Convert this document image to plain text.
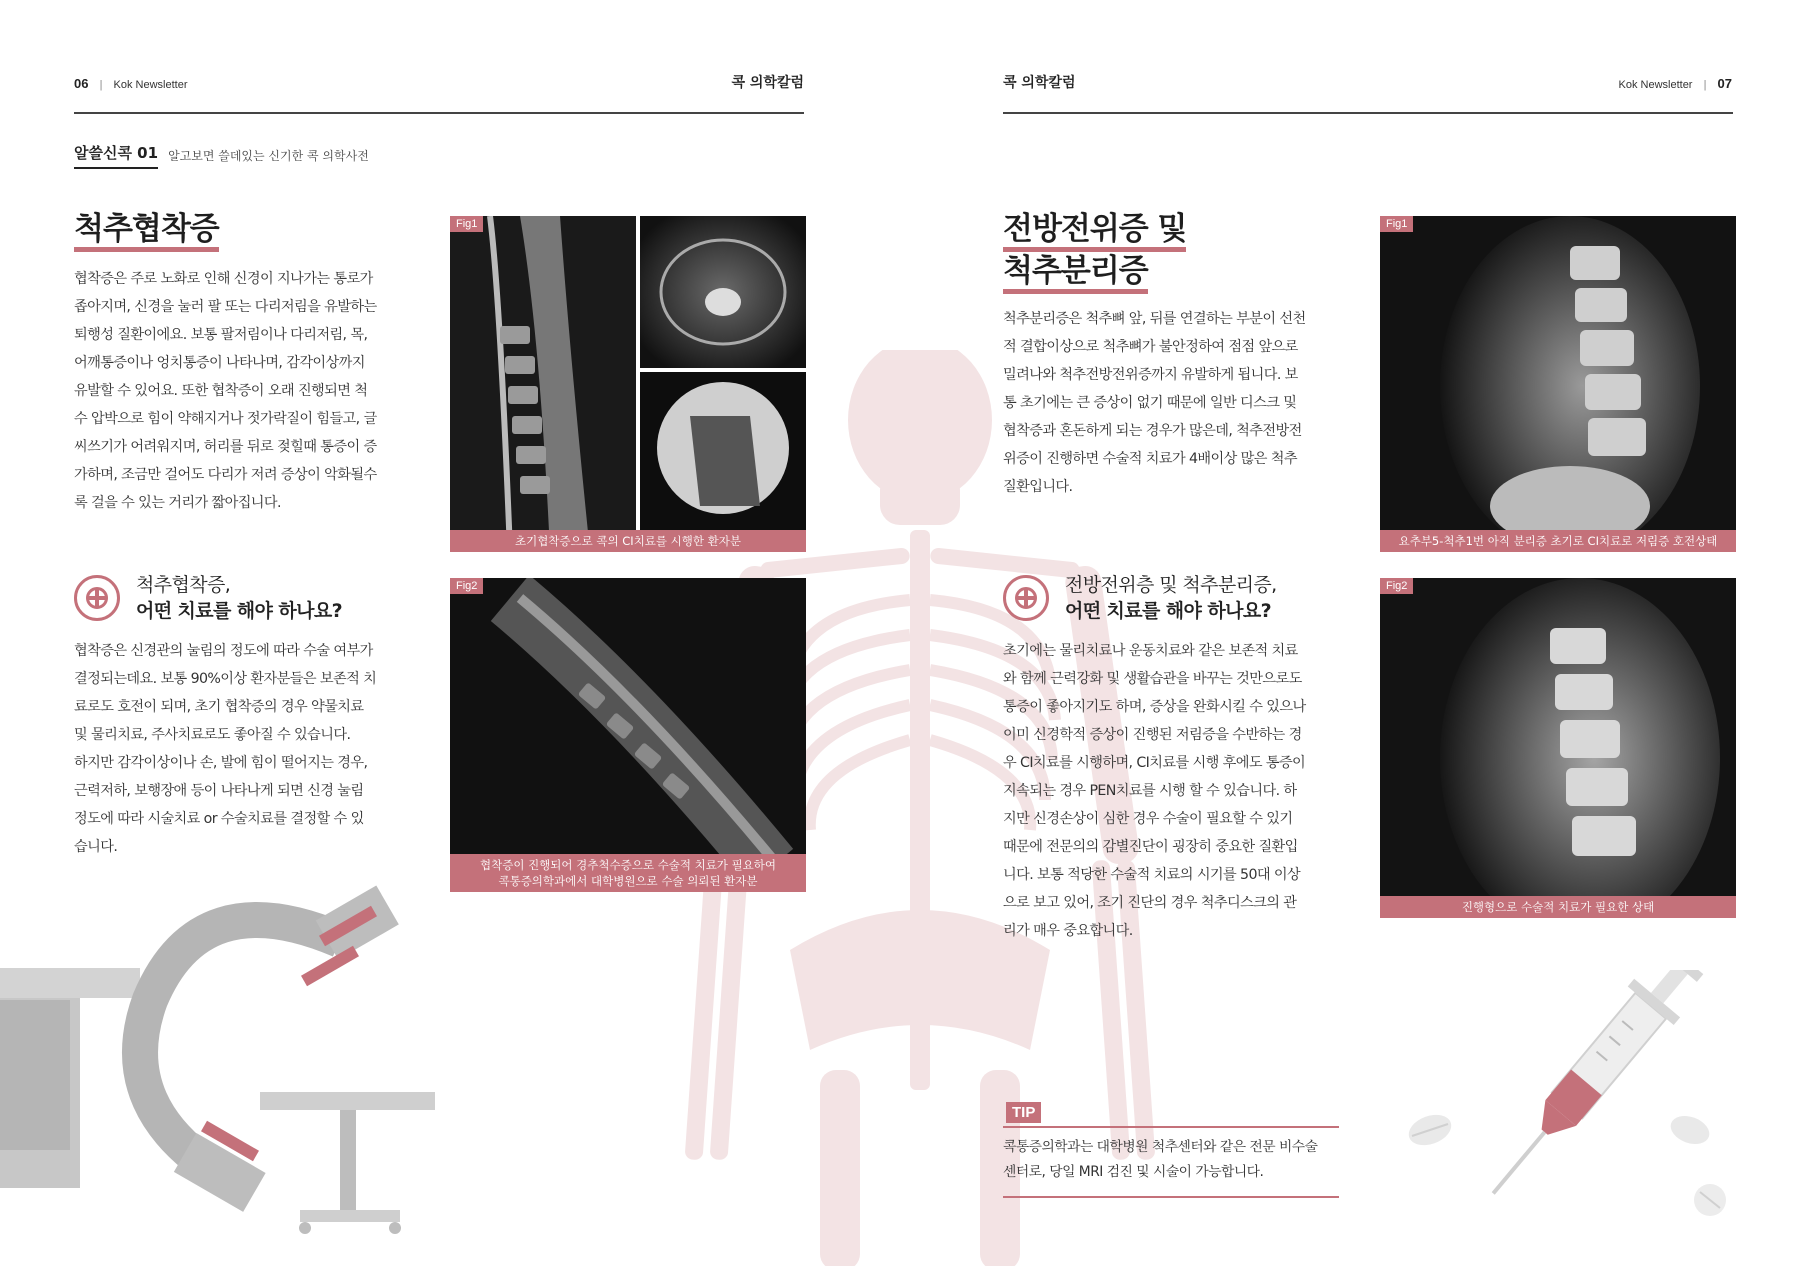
06 | Kok Newsletter	콕 의학칼럼
알쓸신콕 01 알고보면 쓸데있는 신기한 콕 의학사전
척추협착증
협착증은 주로 노화로 인해 신경이 지나가는 통로가
좁아지며, 신경을 눌러 팔 또는 다리저림을 유발하는
퇴행성 질환이에요. 보통 팔저림이나 다리저림, 목,
어깨통증이나 엉치통증이 나타나며, 감각이상까지
유발할 수 있어요. 또한 협착증이 오래 진행되면 척
수 압박으로 힘이 약해지거나 젓가락질이 힘들고, 글
씨쓰기가 어려워지며, 허리를 뒤로 젖힐때 통증이 증
가하며, 조금만 걸어도 다리가 저려 증상이 악화될수
록 걸을 수 있는 거리가 짧아집니다.
척추협착증,
어떤 치료를 해야 하나요?
협착증은 신경관의 눌림의 정도에 따라 수술 여부가
결정되는데요. 보통 90%이상 환자분들은 보존적 치
료로도 호전이 되며, 초기 협착증의 경우 약물치료
및 물리치료, 주사치료로도 좋아질 수 있습니다.
하지만 감각이상이나 손, 발에 힘이 떨어지는 경우,
근력저하, 보행장애 등이 나타나게 되면 신경 눌림
정도에 따라 시술치료 or 수술치료를 결정할 수 있
습니다.
Fig1
초기협착증으로 콕의 CI치료를 시행한 환자분
Fig2
협착증이 진행되어 경추척수증으로 수술적 치료가 필요하여
콕통증의학과에서 대학병원으로 수술 의뢰된 환자분
콕 의학칼럼	Kok Newsletter | 07
전방전위증 및
척추분리증
척추분리증은 척추뼈 앞, 뒤를 연결하는 부분이 선천
적 결합이상으로 척추뼈가 불안정하여 점점 앞으로
밀려나와 척추전방전위증까지 유발하게 됩니다. 보
통 초기에는 큰 증상이 없기 때문에 일반 디스크 및
협착증과 혼돈하게 되는 경우가 많은데, 척추전방전
위증이 진행하면 수술적 치료가 4배이상 많은 척추
질환입니다.
전방전위층 및 척추분리증,
어떤 치료를 해야 하나요?
초기에는 물리치료나 운동치료와 같은 보존적 치료
와 함께 근력강화 및 생활습관을 바꾸는 것만으로도
통증이 좋아지기도 하며, 증상을 완화시킬 수 있으나
이미 신경학적 증상이 진행된 저림증을 수반하는 경
우 CI치료를 시행하며, CI치료를 시행 후에도 통증이
지속되는 경우 PEN치료를 시행 할 수 있습니다. 하
지만 신경손상이 심한 경우 수술이 필요할 수 있기
때문에 전문의의 감별진단이 굉장히 중요한 질환입
니다. 보통 적당한 수술적 치료의 시기를 50대 이상
으로 보고 있어, 조기 진단의 경우 척추디스크의 관
리가 매우 중요합니다.
Fig1
요추부5-척추1번 아직 분리증 초기로 CI치료로 저림증 호전상태
Fig2
진행형으로 수술적 치료가 필요한 상태
TIP
콕통증의학과는 대학병원 척추센터와 같은 전문 비수술
센터로, 당일 MRI 검진 및 시술이 가능합니다.
